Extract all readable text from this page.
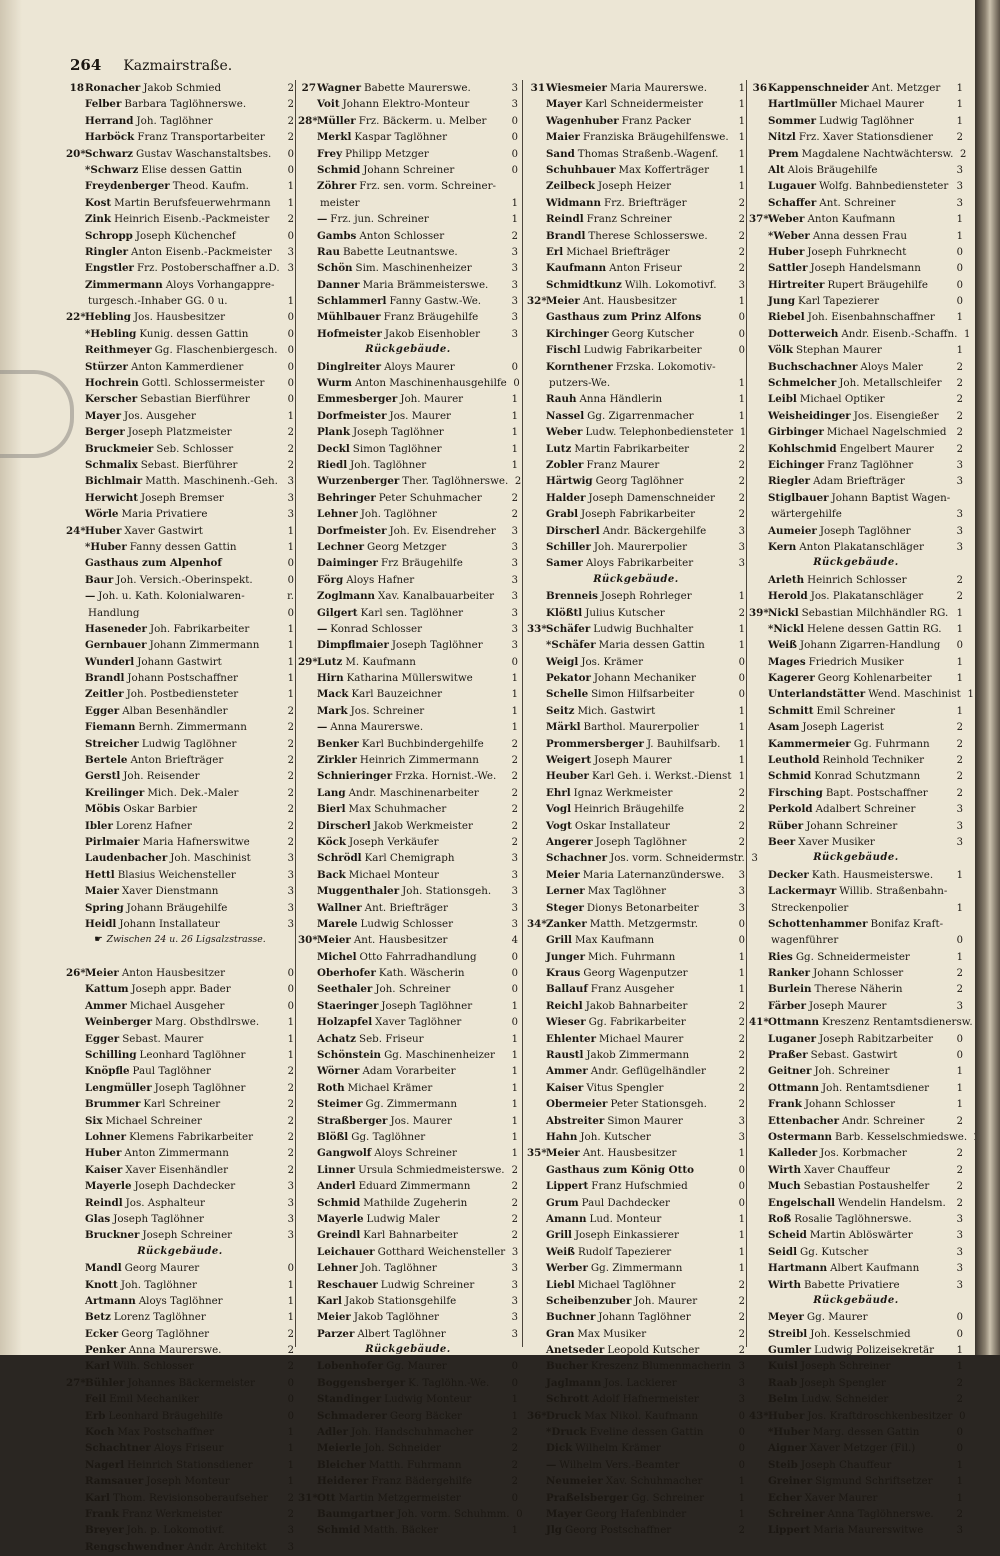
264 Kazmairstraße.
18 Ronacher Jakob Schmied	2
Felber Barbara Taglöhnerswe.	2
Herrand Joh. Taglöhner	2
Harböck Franz Transportarbeiter	2
20* Schwarz Gustav Waschanstaltsbes.	0
*Schwarz Elise dessen Gattin	0
Freydenberger Theod. Kaufm.	1
Kost Martin Berufsfeuerwehrmann	1
Zink Heinrich Eisenb.-Packmeister	2
Schropp Joseph Küchenchef	0
Ringler Anton Eisenb.-Packmeister	3
Engstler Frz. Postoberschaffner a.D. 3
Zimmermann Aloys Vorhangappre-
turgesch.-Inhaber GG. 0 u.	1
22* Hebling Jos. Hausbesitzer	0
*Hebling Kunig. dessen Gattin	0
Reithmeyer Gg. Flaschenbiergesch.	0
Stürzer Anton Kammerdiener	0
Hochrein Gottl. Schlossermeister	0
Kerscher Sebastian Bierführer	0
Mayer Jos. Ausgeher	1
Berger Joseph Platzmeister	2
Bruckmeier Seb. Schlosser	2
Schmalix Sebast. Bierführer	2
Bichlmair Matth. Maschinenh.-Geh. 3
Herwicht Joseph Bremser	3
Wörle Maria Privatiere	3
24* Huber Xaver Gastwirt	1
*Huber Fanny dessen Gattin	1
Gasthaus zum Alpenhof	0
Baur Joh. Versich.-Oberinspekt.	0
— Joh. u. Kath. Kolonialwaren-	r.
Handlung	0
Haseneder Joh. Fabrikarbeiter	1
Gernbauer Johann Zimmermann	1
Wunderl Johann Gastwirt	1
Brandl Johann Postschaffner	1
Zeitler Joh. Postbediensteter	1
Egger Alban Besenhändler	2
Fiemann Bernh. Zimmermann	2
Streicher Ludwig Taglöhner	2
Bertele Anton Briefträger	2
Gerstl Joh. Reisender	2
Kreilinger Mich. Dek.-Maler	2
Möbis Oskar Barbier	2
Ibler Lorenz Hafner	2
Pirlmaier Maria Hafnerswitwe	2
Laudenbacher Joh. Maschinist	3
Hettl Blasius Weichensteller	3
Maier Xaver Dienstmann	3
Spring Johann Bräugehilfe	3
Heidl Johann Installateur	3
☛ Zwischen 24 u. 26 Ligsalzstrasse.
26* Meier Anton Hausbesitzer	0
Kattum Joseph appr. Bader	0
Ammer Michael Ausgeher	0
Weinberger Marg. Obsthdlrswe.	1
Egger Sebast. Maurer	1
Schilling Leonhard Taglöhner	1
Knöpfle Paul Taglöhner	2
Lengmüller Joseph Taglöhner	2
Brummer Karl Schreiner	2
Six Michael Schreiner	2
Lohner Klemens Fabrikarbeiter	2
Huber Anton Zimmermann	2
Kaiser Xaver Eisenhändler	2
Mayerle Joseph Dachdecker	3
Reindl Jos. Asphalteur	3
Glas Joseph Taglöhner	3
Bruckner Joseph Schreiner	3
Rückgebäude.
Mandl Georg Maurer	0
Knott Joh. Taglöhner	1
Artmann Aloys Taglöhner	1
Betz Lorenz Taglöhner	1
Ecker Georg Taglöhner	2
Penker Anna Maurerswe.	2
Karl Wilh. Schlosser	2
27* Bühler Johannes Bäckermeister	0
Feil Emil Mechaniker	0
Erb Leonhard Bräugehilfe	0
Koch Max Postschaffner	1
Schachtner Aloys Friseur	1
Nagerl Heinrich Stationsdiener	1
Ramsauer Joseph Monteur	1
Karl Thom. Revisionsoberaufseher	2
Frank Franz Werkmeister	2
Breyer Joh. p. Lokomotivf.	3
Rengschwendner Andr. Architekt	3
27 Wagner Babette Maurerswe.	3
Voit Johann Elektro-Monteur	3
28* Müller Frz. Bäckerm. u. Melber	0
Merkl Kaspar Taglöhner	0
Frey Philipp Metzger	0
Schmid Johann Schreiner	0
Zöhrer Frz. sen. vorm. Schreiner-
meister	1
— Frz. jun. Schreiner	1
Gambs Anton Schlosser	2
Rau Babette Leutnantswe.	3
Schön Sim. Maschinenheizer	3
Danner Maria Brämmeisterswe.	3
Schlammerl Fanny Gastw.-We.	3
Mühlbauer Franz Bräugehilfe	3
Hofmeister Jakob Eisenhobler	3
Rückgebäude.
Dinglreiter Aloys Maurer	0
Wurm Anton Maschinenhausgehilfe 0
Emmesberger Joh. Maurer	1
Dorfmeister Jos. Maurer	1
Plank Joseph Taglöhner	1
Deckl Simon Taglöhner	1
Riedl Joh. Taglöhner	1
Wurzenberger Ther. Taglöhnerswe. 2
Behringer Peter Schuhmacher	2
Lehner Joh. Taglöhner	2
Dorfmeister Joh. Ev. Eisendreher	3
Lechner Georg Metzger	3
Daiminger Frz Bräugehilfe	3
Förg Aloys Hafner	3
Zoglmann Xav. Kanalbauarbeiter	3
Gilgert Karl sen. Taglöhner	3
— Konrad Schlosser	3
Dimpflmaier Joseph Taglöhner	3
29* Lutz M. Kaufmann	0
Hirn Katharina Müllerswitwe	1
Mack Karl Bauzeichner	1
Mark Jos. Schreiner	1
— Anna Maurerswe.	1
Benker Karl Buchbindergehilfe	2
Zirkler Heinrich Zimmermann	2
Schnieringer Frzka. Hornist.-We.	2
Lang Andr. Maschinenarbeiter	2
Bierl Max Schuhmacher	2
Dirscherl Jakob Werkmeister	2
Köck Joseph Verkäufer	2
Schrödl Karl Chemigraph	3
Back Michael Monteur	3
Muggenthaler Joh. Stationsgeh.	3
Wallner Ant. Briefträger	3
Marele Ludwig Schlosser	3
30* Meier Ant. Hausbesitzer	4
Michel Otto Fahrradhandlung	0
Oberhofer Kath. Wäscherin	0
Seethaler Joh. Schreiner	0
Staeringer Joseph Taglöhner	1
Holzapfel Xaver Taglöhner	0
Achatz Seb. Friseur	1
Schönstein Gg. Maschinenheizer	1
Wörner Adam Vorarbeiter	1
Roth Michael Krämer	1
Steimer Gg. Zimmermann	1
Straßberger Jos. Maurer	1
Blößl Gg. Taglöhner	1
Gangwolf Aloys Schreiner	1
Linner Ursula Schmiedmeisterswe. 2
Anderl Eduard Zimmermann	2
Schmid Mathilde Zugeherin	2
Mayerle Ludwig Maler	2
Greindl Karl Bahnarbeiter	2
Leichauer Gotthard Weichensteller 3
Lehner Joh. Taglöhner	3
Reschauer Ludwig Schreiner	3
Karl Jakob Stationsgehilfe	3
Meier Jakob Taglöhner	3
Parzer Albert Taglöhner	3
Rückgebäude.
Lobenhofer Gg. Maurer	0
Boggensberger K. Taglöhn.-We.	0
Standinger Ludwig Monteur	1
Schmaderer Georg Bäcker	1
Adler Joh. Handschuhmacher	2
Meierle Joh. Schneider	2
Bleicher Matth. Fuhrmann	2
Heiderer Franz Bädergehilfe	2
31* Ott Martin Metzgermeister	0
Baumgartner Joh. vorm. Schuhmm. 0
Schmid Matth. Bäcker	1
31 Wiesmeier Maria Maurerswe.	1
Mayer Karl Schneidermeister	1
Wagenhuber Franz Packer	1
Maier Franziska Bräugehilfenswe.	1
Sand Thomas Straßenb.-Wagenf.	1
Schuhbauer Max Kofferträger	1
Zeilbeck Joseph Heizer	1
Widmann Frz. Briefträger	2
Reindl Franz Schreiner	2
Brandl Therese Schlosserswe.	2
Erl Michael Briefträger	2
Kaufmann Anton Friseur	2
Schmidtkunz Wilh. Lokomotivf.	3
32* Meier Ant. Hausbesitzer	1
Gasthaus zum Prinz Alfons	0
Kirchinger Georg Kutscher	0
Fischl Ludwig Fabrikarbeiter	0
Kornthener Frzska. Lokomotiv-
putzers-We.	1
Rauh Anna Händlerin	1
Nassel Gg. Zigarrenmacher	1
Weber Ludw. Telephonbediensteter 1
Lutz Martin Fabrikarbeiter	2
Zobler Franz Maurer	2
Härtwig Georg Taglöhner	2
Halder Joseph Damenschneider	2
Grabl Joseph Fabrikarbeiter	2
Dirscherl Andr. Bäckergehilfe	3
Schiller Joh. Maurerpolier	3
Samer Aloys Fabrikarbeiter	3
Rückgebäude.
Brenneis Joseph Rohrleger	1
Klößtl Julius Kutscher	2
33* Schäfer Ludwig Buchhalter	1
*Schäfer Maria dessen Gattin	1
Weigl Jos. Krämer	0
Pekator Johann Mechaniker	0
Schelle Simon Hilfsarbeiter	0
Seitz Mich. Gastwirt	1
Märkl Barthol. Maurerpolier	1
Prommersberger J. Bauhilfsarb.	1
Weigert Joseph Maurer	1
Heuber Karl Geh. i. Werkst.-Dienst 1
Ehrl Ignaz Werkmeister	2
Vogl Heinrich Bräugehilfe	2
Vogt Oskar Installateur	2
Angerer Joseph Taglöhner	2
Schachner Jos. vorm. Schneidermstr. 3
Meier Maria Laternanzünderswe.	3
Lerner Max Taglöhner	3
Steger Dionys Betonarbeiter	3
34* Zanker Matth. Metzgermstr.	0
Grill Max Kaufmann	0
Junger Mich. Fuhrmann	1
Kraus Georg Wagenputzer	1
Ballauf Franz Ausgeher	1
Reichl Jakob Bahnarbeiter	2
Wieser Gg. Fabrikarbeiter	2
Ehlenter Michael Maurer	2
Raustl Jakob Zimmermann	2
Ammer Andr. Geflügelhändler	2
Kaiser Vitus Spengler	2
Obermeier Peter Stationsgeh.	2
Abstreiter Simon Maurer	3
Hahn Joh. Kutscher	3
35* Meier Ant. Hausbesitzer	1
Gasthaus zum König Otto	0
Lippert Franz Hufschmied	0
Grum Paul Dachdecker	0
Amann Lud. Monteur	1
Grill Joseph Einkassierer	1
Weiß Rudolf Tapezierer	1
Werber Gg. Zimmermann	1
Liebl Michael Taglöhner	2
Scheibenzuber Joh. Maurer	2
Buchner Johann Taglöhner	2
Gran Max Musiker	2
Anetseder Leopold Kutscher	2
Bucher Kreszenz Blumenmacherin 3
Jaglmann Jos. Lackierer	3
Schrott Adolf Hafnermeister	3
36* Druck Max Nikol. Kaufmann	0
*Druck Eveline dessen Gattin	0
Dick Wilhelm Krämer	0
— Wilhelm Vers.-Beamter	0
Neumeier Xav. Schuhmacher	1
Praßelsberger Gg. Schreiner	1
Mayer Georg Hafenbinder	1
Jlg Georg Postschaffner	2
36 Kappenschneider Ant. Metzger	1
Hartlmüller Michael Maurer	1
Sommer Ludwig Taglöhner	1
Nitzl Frz. Xaver Stationsdiener	2
Prem Magdalene Nachtwächtersw. 2
Alt Alois Bräugehilfe	3
Lugauer Wolfg. Bahnbediensteter 3
Schaffer Ant. Schreiner	3
37* Weber Anton Kaufmann	1
*Weber Anna dessen Frau	1
Huber Joseph Fuhrknecht	0
Sattler Joseph Handelsmann	0
Hirtreiter Rupert Bräugehilfe	0
Jung Karl Tapezierer	0
Riebel Joh. Eisenbahnschaffner	1
Dotterweich Andr. Eisenb.-Schaffn. 1
Völk Stephan Maurer	1
Buchschachner Aloys Maler	2
Schmelcher Joh. Metallschleifer	2
Leibl Michael Optiker	2
Weisheidinger Jos. Eisengießer	2
Girbinger Michael Nagelschmied	2
Kohlschmid Engelbert Maurer	2
Eichinger Franz Taglöhner	3
Riegler Adam Briefträger	3
Stiglbauer Johann Baptist Wagen-
wärtergehilfe	3
Aumeier Joseph Taglöhner	3
Kern Anton Plakatanschläger	3
Rückgebäude.
Arleth Heinrich Schlosser	2
Herold Jos. Plakatanschläger	2
39* Nickl Sebastian Milchhändler RG. 1
*Nickl Helene dessen Gattin RG.	1
Weiß Johann Zigarren-Handlung	0
Mages Friedrich Musiker	1
Kagerer Georg Kohlenarbeiter	1
Unterlandstätter Wend. Maschinist 1
Schmitt Emil Schreiner	1
Asam Joseph Lagerist	2
Kammermeier Gg. Fuhrmann	2
Leuthold Reinhold Techniker	2
Schmid Konrad Schutzmann	2
Firsching Bapt. Postschaffner	2
Perkold Adalbert Schreiner	3
Rüber Johann Schreiner	3
Beer Xaver Musiker	3
Rückgebäude.
Decker Kath. Hausmeisterswe.	1
Lackermayr Willib. Straßenbahn-
Streckenpolier	1
Schottenhammer Bonifaz Kraft-
wagenführer	0
Ries Gg. Schneidermeister	1
Ranker Johann Schlosser	2
Burlein Therese Näherin	2
Färber Joseph Maurer	3
41* Ottmann Kreszenz Rentamtsdienersw.
Luganer Joseph Rabitzarbeiter	0
Praßer Sebast. Gastwirt	0
Geitner Joh. Schreiner	1
Ottmann Joh. Rentamtsdiener	1
Frank Johann Schlosser	1
Ettenbacher Andr. Schreiner	2
Ostermann Barb. Kesselschmiedswe.
Kalleder Jos. Korbmacher	2
Wirth Xaver Chauffeur	2
Much Sebastian Postaushelfer	2
Engelschall Wendelin Handelsm.	2
Roß Rosalie Taglöhnerswe.	3
Scheid Martin Ablöswärter	3
Seidl Gg. Kutscher	3
Hartmann Albert Kaufmann	3
Wirth Babette Privatiere	3
Rückgebäude.
Meyer Gg. Maurer	0
Streibl Joh. Kesselschmied	0
Gumler Ludwig Polizeisekretär	1
Kuisl Joseph Schreiner	1
Raab Joseph Spengler	2
Belm Ludw. Schneider	2
43* Huber Jos. Kraftdroschkenbesitzer 0
*Huber Marg. dessen Gattin	0
Aigner Xaver Metzger (Fil.)	0
Steib Joseph Chauffeur	1
Greiner Sigmund Schriftsetzer	1
Echer Xaver Maurer	1
Schreiner Anna Taglöhnerswe.	2
Lippert Maria Maurerswitwe	3
